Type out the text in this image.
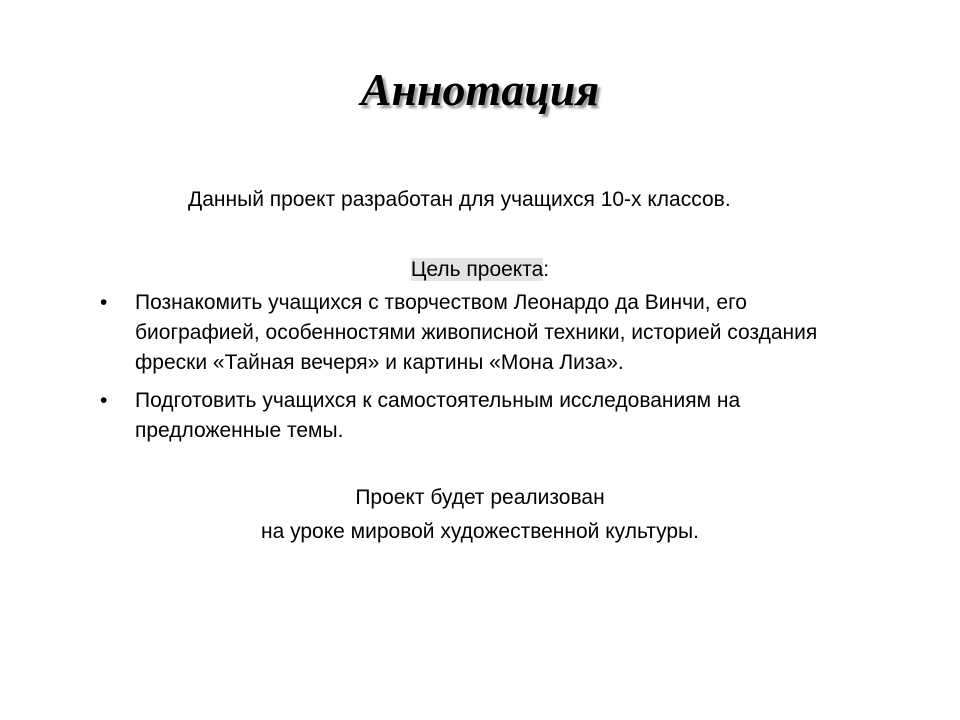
Аннотация
Данный проект разработан для учащихся 10-х классов.
Цель проекта:
• Познакомить учащихся с творчеством Леонардо да Винчи, его биографией, особенностями живописной техники, историей создания фрески «Тайная вечеря» и картины «Мона Лиза».
• Подготовить учащихся к самостоятельным исследованиям на предложенные темы.
Проект будет реализован
на уроке мировой художественной культуры.
